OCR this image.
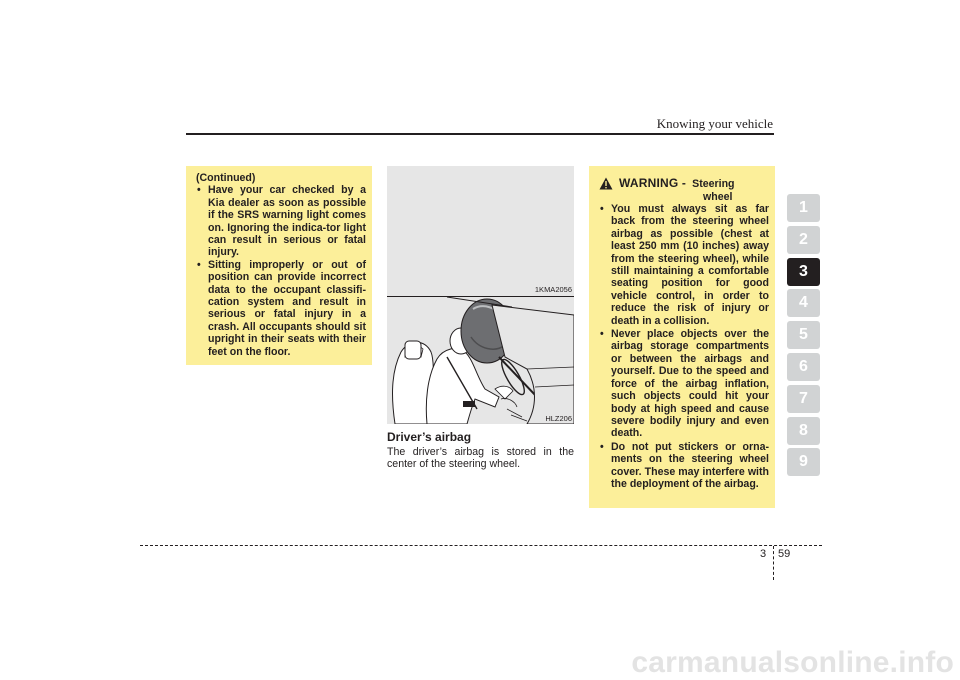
Knowing your vehicle
(Continued)

• Have your car checked by a Kia dealer as soon as possible if the SRS warning light comes on. Ignoring the indica-tor light can result in serious or fatal injury.

• Sitting improperly or out of position can provide incorrect data to the occupant classifi-cation system and result in serious or fatal injury in a crash. All occupants should sit upright in their seats with their feet on the floor.

1KMA2056
HLZ206
Driver’s airbag
The driver’s airbag is stored in the center of the steering wheel.
WARNING - Steering
wheel

• You must always sit as far back from the steering wheel airbag as possible (chest at least 250 mm (10 inches) away from the steering wheel), while still maintaining a comfortable seating position for good vehicle control, in order to reduce the risk of injury or death in a collision.

• Never place objects over the airbag storage compartments or between the airbags and yourself. Due to the speed and force of the airbag inflation, such objects could hit your body at high speed and cause severe bodily injury and even death.

• Do not put stickers or orna-ments on the steering wheel cover. These may interfere with the deployment of the airbag.

1
2
3
4
5
6
7
8
9
3 59
carmanualsonline.info
